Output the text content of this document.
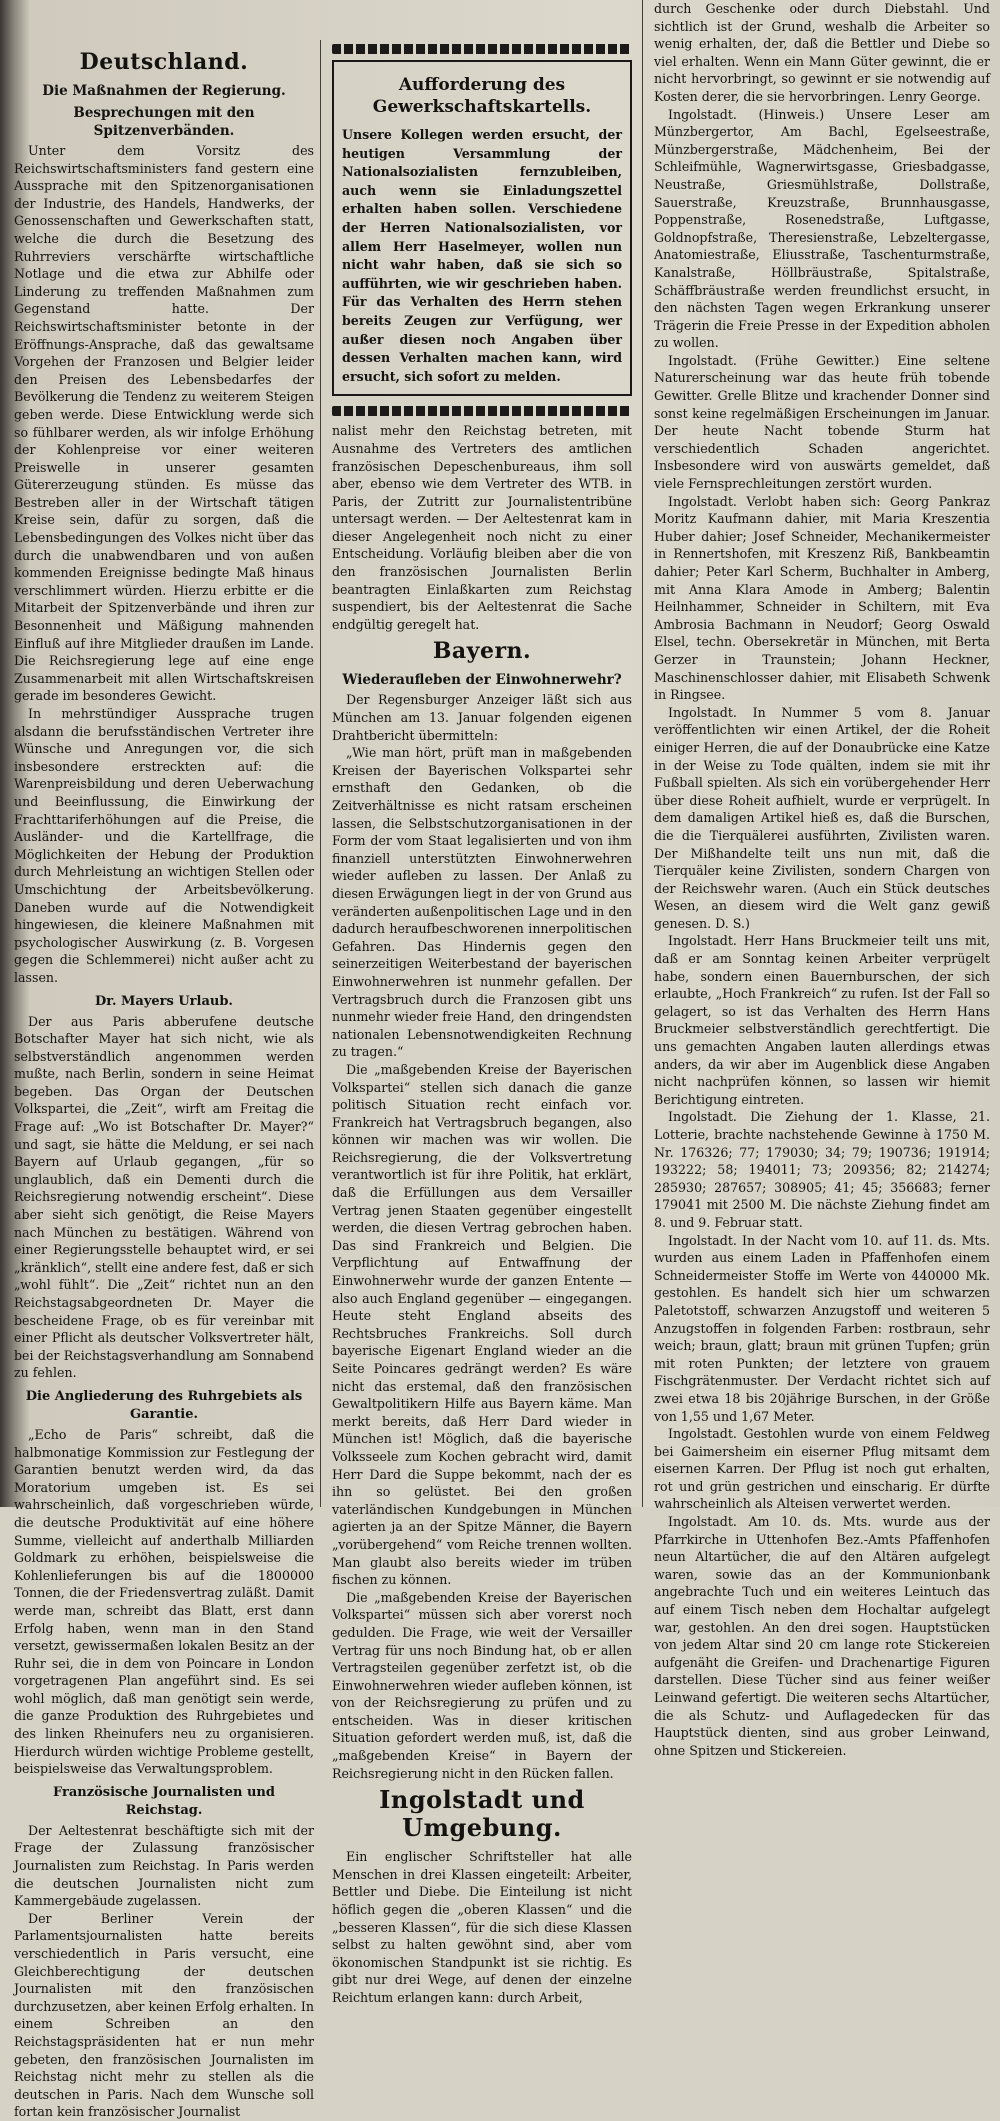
Deutschland.
Die Maßnahmen der Regierung.
Besprechungen mit den Spitzenverbänden.

Unter dem Vorsitz des Reichswirtschaftsministers fand gestern eine Aussprache mit den Spitzenorganisationen der Industrie, des Handels, Handwerks, der Genossenschaften und Gewerkschaften statt, welche die durch die Besetzung des Ruhrreviers verschärfte wirtschaftliche Notlage und die etwa zur Abhilfe oder Linderung zu treffenden Maßnahmen zum Gegenstand hatte. Der Reichswirtschaftsminister betonte in der Eröffnungs-Ansprache, daß das gewaltsame Vorgehen der Franzosen und Belgier leider den Preisen des Lebensbedarfes der Bevölkerung die Tendenz zu weiterem Steigen geben werde. Diese Entwicklung werde sich so fühlbarer werden, als wir infolge Erhöhung der Kohlenpreise vor einer weiteren Preiswelle in unserer gesamten Gütererzeugung stünden. Es müsse das Bestreben aller in der Wirtschaft tätigen Kreise sein, dafür zu sorgen, daß die Lebensbedingungen des Volkes nicht über das durch die unabwendbaren und von außen kommenden Ereignisse bedingte Maß hinaus verschlimmert würden. Hierzu erbitte er die Mitarbeit der Spitzenverbände und ihren zur Besonnenheit und Mäßigung mahnenden Einfluß auf ihre Mitglieder draußen im Lande. Die Reichsregierung lege auf eine enge Zusammenarbeit mit allen Wirtschaftskreisen gerade im besonderes Gewicht.

In mehrstündiger Aussprache trugen alsdann die berufsständischen Vertreter ihre Wünsche und Anregungen vor, die sich insbesondere erstreckten auf: die Warenpreisbildung und deren Ueberwachung und Beeinflussung, die Einwirkung der Frachttariferhöhungen auf die Preise, die Ausländer- und die Kartellfrage, die Möglichkeiten der Hebung der Produktion durch Mehrleistung an wichtigen Stellen oder Umschichtung der Arbeitsbevölkerung. Daneben wurde auf die Notwendigkeit hingewiesen, die kleinere Maßnahmen mit psychologischer Auswirkung (z. B. Vorgesen gegen die Schlemmerei) nicht außer acht zu lassen.

Dr. Mayers Urlaub.

Der aus Paris abberufene deutsche Botschafter Mayer hat sich nicht, wie als selbstverständlich angenommen werden mußte, nach Berlin, sondern in seine Heimat begeben. Das Organ der Deutschen Volkspartei, die „Zeit“, wirft am Freitag die Frage auf: „Wo ist Botschafter Dr. Mayer?“ und sagt, sie hätte die Meldung, er sei nach Bayern auf Urlaub gegangen, „für so unglaublich, daß ein Dementi durch die Reichsregierung notwendig erscheint“. Diese aber sieht sich genötigt, die Reise Mayers nach München zu bestätigen. Während von einer Regierungsstelle behauptet wird, er sei „kränklich“, stellt eine andere fest, daß er sich „wohl fühlt“. Die „Zeit“ richtet nun an den Reichstagsabgeordneten Dr. Mayer die bescheidene Frage, ob es für vereinbar mit einer Pflicht als deutscher Volksvertreter hält, bei der Reichstagsverhandlung am Sonnabend zu fehlen.

Die Angliederung des Ruhrgebiets als Garantie.

„Echo de Paris“ schreibt, daß die halbmonatige Kommission zur Festlegung der Garantien benutzt werden wird, da das Moratorium umgeben ist. Es sei wahrscheinlich, daß vorgeschrieben würde, die deutsche Produktivität auf eine höhere Summe, vielleicht auf anderthalb Milliarden Goldmark zu erhöhen, beispielsweise die Kohlenlieferungen bis auf die 1800000 Tonnen, die der Friedensvertrag zuläßt. Damit werde man, schreibt das Blatt, erst dann Erfolg haben, wenn man in den Stand versetzt, gewissermaßen lokalen Besitz an der Ruhr sei, die in dem von Poincare in London vorgetragenen Plan angeführt sind. Es sei wohl möglich, daß man genötigt sein werde, die ganze Produktion des Ruhrgebietes und des linken Rheinufers neu zu organisieren. Hierdurch würden wichtige Probleme gestellt, beispielsweise das Verwaltungsproblem.

Französische Journalisten und Reichstag.

Der Aeltestenrat beschäftigte sich mit der Frage der Zulassung französischer Journalisten zum Reichstag. In Paris werden die deutschen Journalisten nicht zum Kammergebäude zugelassen.

Der Berliner Verein der Parlamentsjournalisten hatte bereits verschiedentlich in Paris versucht, eine Gleichberechtigung der deutschen Journalisten mit den französischen durchzusetzen, aber keinen Erfolg erhalten. In einem Schreiben an den Reichstagspräsidenten hat er nun mehr gebeten, den französischen Journalisten im Reichstag nicht mehr zu stellen als die deutschen in Paris. Nach dem Wunsche soll fortan kein französischer Journalist

Aufforderung des Gewerkschaftskartells.

Unsere Kollegen werden ersucht, der heutigen Versammlung der Nationalsozialisten fernzubleiben, auch wenn sie Einladungszettel erhalten haben sollen. Verschiedene der Herren Nationalsozialisten, vor allem Herr Haselmeyer, wollen nun nicht wahr haben, daß sie sich so aufführten, wie wir geschrieben haben. Für das Verhalten des Herrn stehen bereits Zeugen zur Verfügung, wer außer diesen noch Angaben über dessen Verhalten machen kann, wird ersucht, sich sofort zu melden.

nalist mehr den Reichstag betreten, mit Ausnahme des Vertreters des amtlichen französischen Depeschenbureaus, ihm soll aber, ebenso wie dem Vertreter des WTB. in Paris, der Zutritt zur Journalistentribüne untersagt werden. — Der Aeltestenrat kam in dieser Angelegenheit noch nicht zu einer Entscheidung. Vorläufig bleiben aber die von den französischen Journalisten Berlin beantragten Einlaßkarten zum Reichstag suspendiert, bis der Aeltestenrat die Sache endgültig geregelt hat.

Bayern.
Wiederaufleben der Einwohnerwehr?

Der Regensburger Anzeiger läßt sich aus München am 13. Januar folgenden eigenen Drahtbericht übermitteln:

„Wie man hört, prüft man in maßgebenden Kreisen der Bayerischen Volkspartei sehr ernsthaft den Gedanken, ob die Zeitverhältnisse es nicht ratsam erscheinen lassen, die Selbstschutzorganisationen in der Form der vom Staat legalisierten und von ihm finanziell unterstützten Einwohnerwehren wieder aufleben zu lassen. Der Anlaß zu diesen Erwägungen liegt in der von Grund aus veränderten außenpolitischen Lage und in den dadurch heraufbeschworenen innerpolitischen Gefahren. Das Hindernis gegen den seinerzeitigen Weiterbestand der bayerischen Einwohnerwehren ist nunmehr gefallen. Der Vertragsbruch durch die Franzosen gibt uns nunmehr wieder freie Hand, den dringendsten nationalen Lebensnotwendigkeiten Rechnung zu tragen.“

Die „maßgebenden Kreise der Bayerischen Volkspartei“ stellen sich danach die ganze politisch Situation recht einfach vor. Frankreich hat Vertragsbruch begangen, also können wir machen was wir wollen. Die Reichsregierung, die der Volksvertretung verantwortlich ist für ihre Politik, hat erklärt, daß die Erfüllungen aus dem Versailler Vertrag jenen Staaten gegenüber eingestellt werden, die diesen Vertrag gebrochen haben. Das sind Frankreich und Belgien. Die Verpflichtung auf Entwaffnung der Einwohnerwehr wurde der ganzen Entente — also auch England gegenüber — eingegangen. Heute steht England abseits des Rechtsbruches Frankreichs. Soll durch bayerische Eigenart England wieder an die Seite Poincares gedrängt werden? Es wäre nicht das erstemal, daß den französischen Gewaltpolitikern Hilfe aus Bayern käme. Man merkt bereits, daß Herr Dard wieder in München ist! Möglich, daß die bayerische Volksseele zum Kochen gebracht wird, damit Herr Dard die Suppe bekommt, nach der es ihn so gelüstet. Bei den großen vaterländischen Kundgebungen in München agierten ja an der Spitze Männer, die Bayern „vorübergehend“ vom Reiche trennen wollten. Man glaubt also bereits wieder im trüben fischen zu können.

Die „maßgebenden Kreise der Bayerischen Volkspartei“ müssen sich aber vorerst noch gedulden. Die Frage, wie weit der Versailler Vertrag für uns noch Bindung hat, ob er allen Vertragsteilen gegenüber zerfetzt ist, ob die Einwohnerwehren wieder aufleben können, ist von der Reichsregierung zu prüfen und zu entscheiden. Was in dieser kritischen Situation gefordert werden muß, ist, daß die „maßgebenden Kreise“ in Bayern der Reichsregierung nicht in den Rücken fallen.

Ingolstadt und Umgebung.

Ein englischer Schriftsteller hat alle Menschen in drei Klassen eingeteilt: Arbeiter, Bettler und Diebe. Die Einteilung ist nicht höflich gegen die „oberen Klassen“ und die „besseren Klassen“, für die sich diese Klassen selbst zu halten gewöhnt sind, aber vom ökonomischen Standpunkt ist sie richtig. Es gibt nur drei Wege, auf denen der einzelne Reichtum erlangen kann: durch Arbeit,

durch Geschenke oder durch Diebstahl. Und sichtlich ist der Grund, weshalb die Arbeiter so wenig erhalten, der, daß die Bettler und Diebe so viel erhalten. Wenn ein Mann Güter gewinnt, die er nicht hervorbringt, so gewinnt er sie notwendig auf Kosten derer, die sie hervorbringen. Lenry George.

Ingolstadt. (Hinweis.) Unsere Leser am Münzbergertor, Am Bachl, Egelseestraße, Münzbergerstraße, Mädchenheim, Bei der Schleifmühle, Wagnerwirtsgasse, Griesbadgasse, Neustraße, Griesmühlstraße, Dollstraße, Sauerstraße, Kreuzstraße, Brunnhausgasse, Poppenstraße, Rosenedstraße, Luftgasse, Goldnopfstraße, Theresienstraße, Lebzeltergasse, Anatomiestraße, Eliusstraße, Taschenturmstraße, Kanalstraße, Höllbräustraße, Spitalstraße, Schäffbräustraße werden freundlichst ersucht, in den nächsten Tagen wegen Erkrankung unserer Trägerin die Freie Presse in der Expedition abholen zu wollen.

Ingolstadt. (Frühe Gewitter.) Eine seltene Naturerscheinung war das heute früh tobende Gewitter. Grelle Blitze und krachender Donner sind sonst keine regelmäßigen Erscheinungen im Januar. Der heute Nacht tobende Sturm hat verschiedentlich Schaden angerichtet. Insbesondere wird von auswärts gemeldet, daß viele Fernsprechleitungen zerstört wurden.

Ingolstadt. Verlobt haben sich: Georg Pankraz Moritz Kaufmann dahier, mit Maria Kreszentia Huber dahier; Josef Schneider, Mechanikermeister in Rennertshofen, mit Kreszenz Riß, Bankbeamtin dahier; Peter Karl Scherm, Buchhalter in Amberg, mit Anna Klara Amode in Amberg; Balentin Heilnhammer, Schneider in Schiltern, mit Eva Ambrosia Bachmann in Neudorf; Georg Oswald Elsel, techn. Obersekretär in München, mit Berta Gerzer in Traunstein; Johann Heckner, Maschinenschlosser dahier, mit Elisabeth Schwenk in Ringsee.

Ingolstadt. In Nummer 5 vom 8. Januar veröffentlichten wir einen Artikel, der die Roheit einiger Herren, die auf der Donaubrücke eine Katze in der Weise zu Tode quälten, indem sie mit ihr Fußball spielten. Als sich ein vorübergehender Herr über diese Roheit aufhielt, wurde er verprügelt. In dem damaligen Artikel hieß es, daß die Burschen, die die Tierquälerei ausführten, Zivilisten waren. Der Mißhandelte teilt uns nun mit, daß die Tierquäler keine Zivilisten, sondern Chargen von der Reichswehr waren. (Auch ein Stück deutsches Wesen, an diesem wird die Welt ganz gewiß genesen. D. S.)

Ingolstadt. Herr Hans Bruckmeier teilt uns mit, daß er am Sonntag keinen Arbeiter verprügelt habe, sondern einen Bauernburschen, der sich erlaubte, „Hoch Frankreich“ zu rufen. Ist der Fall so gelagert, so ist das Verhalten des Herrn Hans Bruckmeier selbstverständlich gerechtfertigt. Die uns gemachten Angaben lauten allerdings etwas anders, da wir aber im Augenblick diese Angaben nicht nachprüfen können, so lassen wir hiemit Berichtigung eintreten.

Ingolstadt. Die Ziehung der 1. Klasse, 21. Lotterie, brachte nachstehende Gewinne à 1750 M. Nr. 176326; 77; 179030; 34; 79; 190736; 191914; 193222; 58; 194011; 73; 209356; 82; 214274; 285930; 287657; 308905; 41; 45; 356683; ferner 179041 mit 2500 M. Die nächste Ziehung findet am 8. und 9. Februar statt.

Ingolstadt. In der Nacht vom 10. auf 11. ds. Mts. wurden aus einem Laden in Pfaffenhofen einem Schneidermeister Stoffe im Werte von 440000 Mk. gestohlen. Es handelt sich hier um schwarzen Paletotstoff, schwarzen Anzugstoff und weiteren 5 Anzugstoffen in folgenden Farben: rostbraun, sehr weich; braun, glatt; braun mit grünen Tupfen; grün mit roten Punkten; der letztere von grauem Fischgrätenmuster. Der Verdacht richtet sich auf zwei etwa 18 bis 20jährige Burschen, in der Größe von 1,55 und 1,67 Meter.

Ingolstadt. Gestohlen wurde von einem Feldweg bei Gaimersheim ein eiserner Pflug mitsamt dem eisernen Karren. Der Pflug ist noch gut erhalten, rot und grün gestrichen und einscharig. Er dürfte wahrscheinlich als Alteisen verwertet werden.

Ingolstadt. Am 10. ds. Mts. wurde aus der Pfarrkirche in Uttenhofen Bez.-Amts Pfaffenhofen neun Altartücher, die auf den Altären aufgelegt waren, sowie das an der Kommunionbank angebrachte Tuch und ein weiteres Leintuch das auf einem Tisch neben dem Hochaltar aufgelegt war, gestohlen. An den drei sogen. Hauptstücken von jedem Altar sind 20 cm lange rote Stickereien aufgenäht die Greifen- und Drachenartige Figuren darstellen. Diese Tücher sind aus feiner weißer Leinwand gefertigt. Die weiteren sechs Altartücher, die als Schutz- und Auflagedecken für das Hauptstück dienten, sind aus grober Leinwand, ohne Spitzen und Stickereien.
